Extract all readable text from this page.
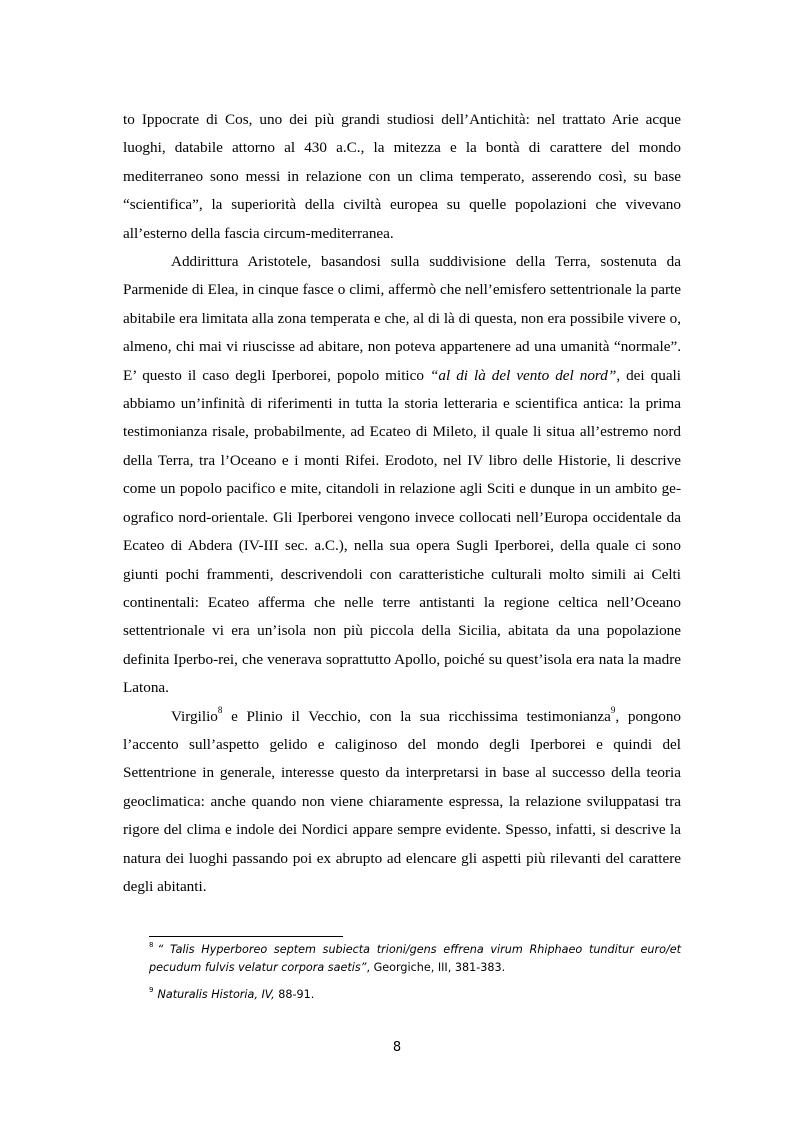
to Ippocrate di Cos, uno dei più grandi studiosi dell’Antichità: nel trattato Arie acque luoghi, databile attorno al 430 a.C., la mitezza e la bontà di carattere del mondo mediterraneo sono messi in relazione con un clima temperato, asserendo così, su base “scientifica”, la superiorità della civiltà europea su quelle popolazioni che vivevano all’esterno della fascia circum-mediterranea.

Addirittura Aristotele, basandosi sulla suddivisione della Terra, sostenuta da Parmenide di Elea, in cinque fasce o climi, affermò che nell’emisfero settentrionale la parte abitabile era limitata alla zona temperata e che, al di là di questa, non era possibile vivere o, almeno, chi mai vi riuscisse ad abitare, non poteva appartenere ad una umanità “normale”. E’ questo il caso degli Iperborei, popolo mitico “al di là del vento del nord”, dei quali abbiamo un’infinità di riferimenti in tutta la storia letteraria e scientifica antica: la prima testimonianza risale, probabilmente, ad Ecateo di Mileto, il quale li situa all’estremo nord della Terra, tra l’Oceano e i monti Rifei. Erodoto, nel IV libro delle Historie, li descrive come un popolo pacifico e mite, citandoli in relazione agli Sciti e dunque in un ambito geografico nord-orientale. Gli Iperborei vengono invece collocati nell’Europa occidentale da Ecateo di Abdera (IV-III sec. a.C.), nella sua opera Sugli Iperborei, della quale ci sono giunti pochi frammenti, descrivendoli con caratteristiche culturali molto simili ai Celti continentali: Ecateo afferma che nelle terre antistanti la regione celtica nell’Oceano settentrionale vi era un’isola non più piccola della Sicilia, abitata da una popolazione definita Iperbo-rei, che venerava soprattutto Apollo, poiché su quest’isola era nata la madre Latona.

Virgilio$^8$ e Plinio il Vecchio, con la sua ricchissima testimonianza$^9$, pongono l’accento sull’aspetto gelido e caliginoso del mondo degli Iperborei e quindi del Settentrione in generale, interesse questo da interpretarsi in base al successo della teoria geoclimatica: anche quando non viene chiaramente espressa, la relazione sviluppatasi tra rigore del clima e indole dei Nordici appare sempre evidente. Spesso, infatti, si descrive la natura dei luoghi passando poi ex abrupto ad elencare gli aspetti più rilevanti del carattere degli abitanti.

$^8$ “ Talis Hyperboreo septem subiecta trioni/gens effrena virum Rhiphaeo tunditur euro/et pecudum fulvis velatur corpora saetis”, Georgiche, III, 381-383.

$^9$ Naturalis Historia, IV, 88-91.

8
